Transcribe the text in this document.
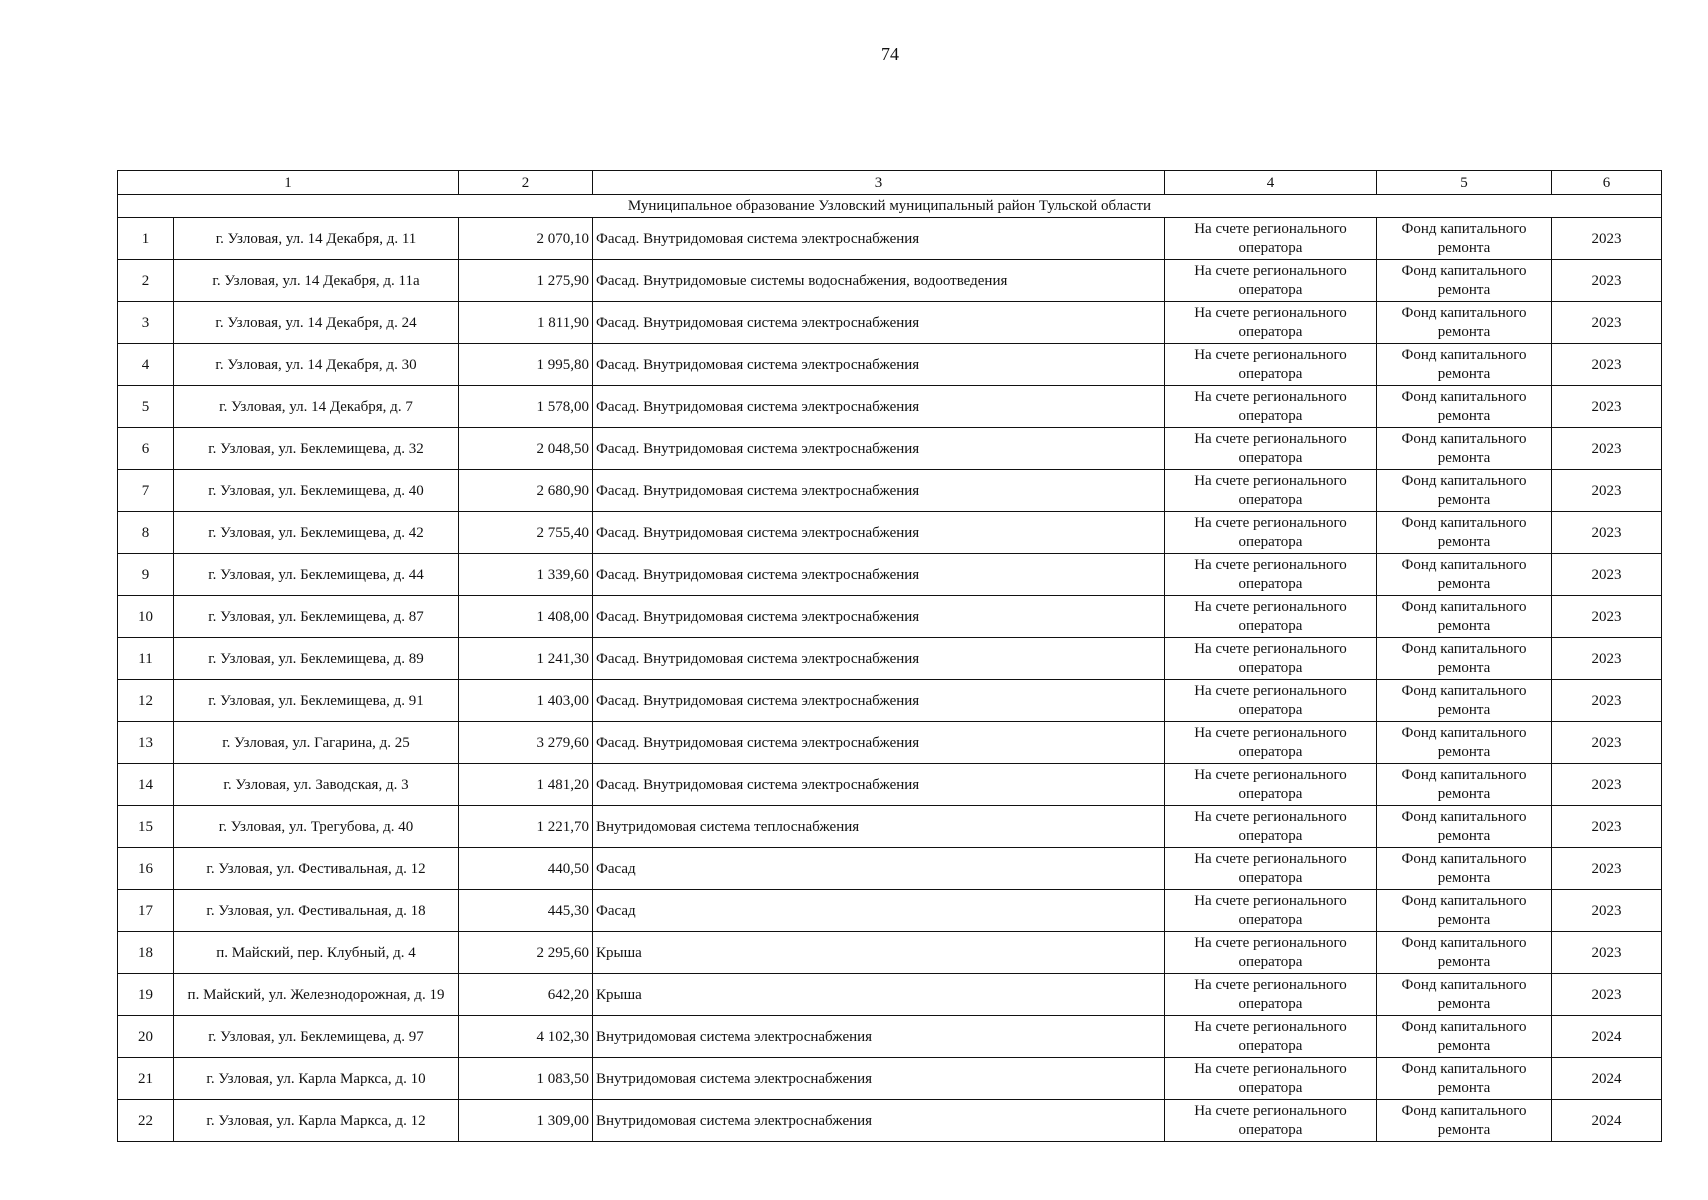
74
1		2	3	4	5	6
Муниципальное образование Узловский муниципальный район Тульской области						
1	г. Узловая, ул. 14 Декабря, д. 11	2 070,10	Фасад. Внутридомовая система электроснабжения	На счете регионального оператора	Фонд капитального ремонта	2023
2	г. Узловая, ул. 14 Декабря, д. 11а	1 275,90	Фасад. Внутридомовые системы водоснабжения, водоотведения	На счете регионального оператора	Фонд капитального ремонта	2023
3	г. Узловая, ул. 14 Декабря, д. 24	1 811,90	Фасад. Внутридомовая система электроснабжения	На счете регионального оператора	Фонд капитального ремонта	2023
4	г. Узловая, ул. 14 Декабря, д. 30	1 995,80	Фасад. Внутридомовая система электроснабжения	На счете регионального оператора	Фонд капитального ремонта	2023
5	г. Узловая, ул. 14 Декабря, д. 7	1 578,00	Фасад. Внутридомовая система электроснабжения	На счете регионального оператора	Фонд капитального ремонта	2023
6	г. Узловая, ул. Беклемищева, д. 32	2 048,50	Фасад. Внутридомовая система электроснабжения	На счете регионального оператора	Фонд капитального ремонта	2023
7	г. Узловая, ул. Беклемищева, д. 40	2 680,90	Фасад. Внутридомовая система электроснабжения	На счете регионального оператора	Фонд капитального ремонта	2023
8	г. Узловая, ул. Беклемищева, д. 42	2 755,40	Фасад. Внутридомовая система электроснабжения	На счете регионального оператора	Фонд капитального ремонта	2023
9	г. Узловая, ул. Беклемищева, д. 44	1 339,60	Фасад. Внутридомовая система электроснабжения	На счете регионального оператора	Фонд капитального ремонта	2023
10	г. Узловая, ул. Беклемищева, д. 87	1 408,00	Фасад. Внутридомовая система электроснабжения	На счете регионального оператора	Фонд капитального ремонта	2023
11	г. Узловая, ул. Беклемищева, д. 89	1 241,30	Фасад. Внутридомовая система электроснабжения	На счете регионального оператора	Фонд капитального ремонта	2023
12	г. Узловая, ул. Беклемищева, д. 91	1 403,00	Фасад. Внутридомовая система электроснабжения	На счете регионального оператора	Фонд капитального ремонта	2023
13	г. Узловая, ул. Гагарина, д. 25	3 279,60	Фасад. Внутридомовая система электроснабжения	На счете регионального оператора	Фонд капитального ремонта	2023
14	г. Узловая, ул. Заводская, д. 3	1 481,20	Фасад. Внутридомовая система электроснабжения	На счете регионального оператора	Фонд капитального ремонта	2023
15	г. Узловая, ул. Трегубова, д. 40	1 221,70	Внутридомовая система теплоснабжения	На счете регионального оператора	Фонд капитального ремонта	2023
16	г. Узловая, ул. Фестивальная, д. 12	440,50	Фасад	На счете регионального оператора	Фонд капитального ремонта	2023
17	г. Узловая, ул. Фестивальная, д. 18	445,30	Фасад	На счете регионального оператора	Фонд капитального ремонта	2023
18	п. Майский, пер. Клубный, д. 4	2 295,60	Крыша	На счете регионального оператора	Фонд капитального ремонта	2023
19	п. Майский, ул. Железнодорожная, д. 19	642,20	Крыша	На счете регионального оператора	Фонд капитального ремонта	2023
20	г. Узловая, ул. Беклемищева, д. 97	4 102,30	Внутридомовая система электроснабжения	На счете регионального оператора	Фонд капитального ремонта	2024
21	г. Узловая, ул. Карла Маркса, д. 10	1 083,50	Внутридомовая система электроснабжения	На счете регионального оператора	Фонд капитального ремонта	2024
22	г. Узловая, ул. Карла Маркса, д. 12	1 309,00	Внутридомовая система электроснабжения	На счете регионального оператора	Фонд капитального ремонта	2024
